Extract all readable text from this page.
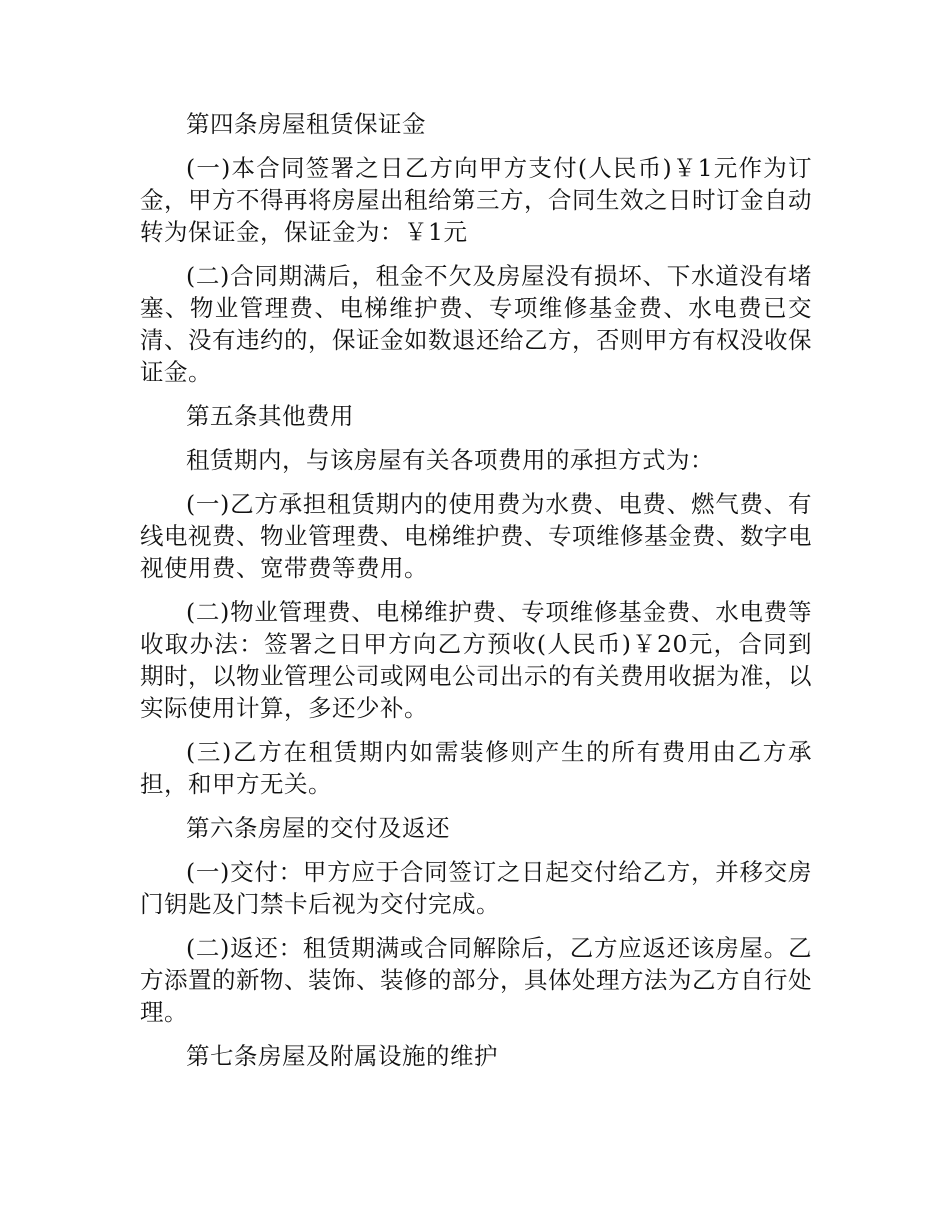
第四条房屋租赁保证金

(一)本合同签署之日乙方向甲方支付(人民币)￥1元作为订金，甲方不得再将房屋出租给第三方，合同生效之日时订金自动转为保证金，保证金为：￥1元

(二)合同期满后，租金不欠及房屋没有损坏、下水道没有堵塞、物业管理费、电梯维护费、专项维修基金费、水电费已交清、没有违约的，保证金如数退还给乙方，否则甲方有权没收保证金。

第五条其他费用

租赁期内，与该房屋有关各项费用的承担方式为：

(一)乙方承担租赁期内的使用费为水费、电费、燃气费、有线电视费、物业管理费、电梯维护费、专项维修基金费、数字电视使用费、宽带费等费用。

(二)物业管理费、电梯维护费、专项维修基金费、水电费等收取办法：签署之日甲方向乙方预收(人民币)￥20元，合同到期时，以物业管理公司或网电公司出示的有关费用收据为准，以实际使用计算，多还少补。

(三)乙方在租赁期内如需装修则产生的所有费用由乙方承担，和甲方无关。

第六条房屋的交付及返还

(一)交付：甲方应于合同签订之日起交付给乙方，并移交房门钥匙及门禁卡后视为交付完成。

(二)返还：租赁期满或合同解除后，乙方应返还该房屋。乙方添置的新物、装饰、装修的部分，具体处理方法为乙方自行处理。

第七条房屋及附属设施的维护
